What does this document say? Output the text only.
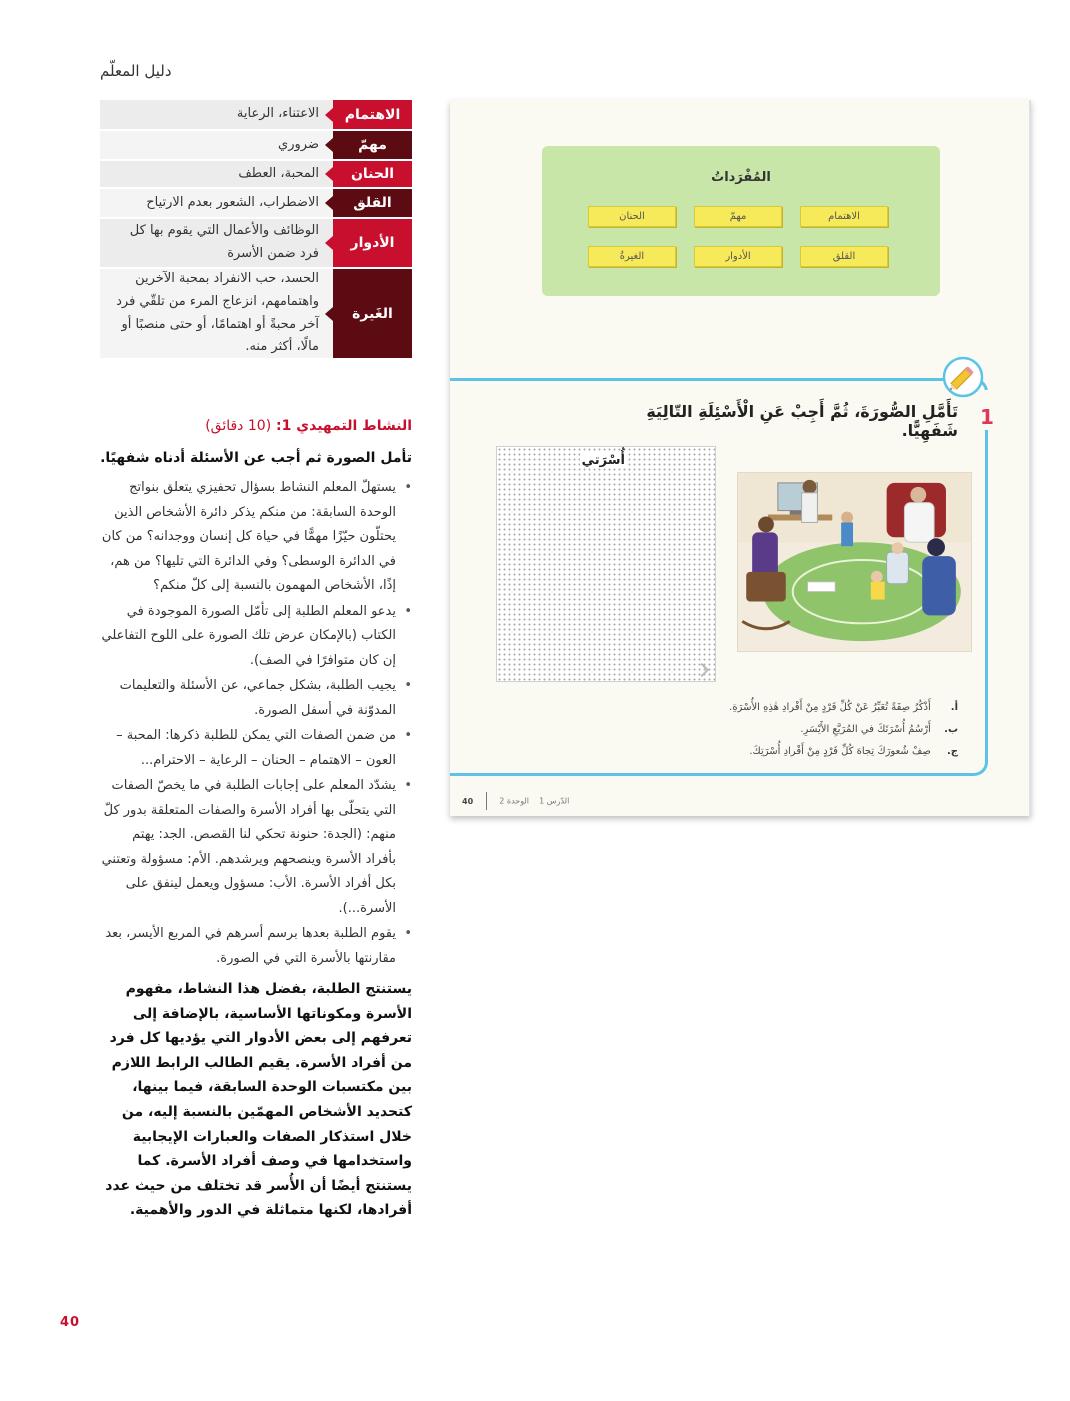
دليل المعلّم
الاهتمام
الاعتناء، الرعاية
مهمّ
ضروري
الحنان
المحبة، العطف
القلق
الاضطراب، الشعور بعدم الارتياح
الأدوار
الوظائف والأعمال التي يقوم بها كل فرد ضمن الأسرة
الغَيرة
الحسد، حب الانفراد بمحبة الآخرين واهتمامهم، انزعاج المرء من تلقّي فرد آخر محبةً أو اهتمامًا، أو حتى منصبًا أو مالًا، أكثر منه.
النشاط التمهيدي 1: (10 دقائق)
تأمل الصورة ثم أجب عن الأسئلة أدناه شفهيًا.
• يستهلّ المعلم النشاط بسؤال تحفيزي يتعلق بنواتج الوحدة السابقة: من منكم يذكر دائرة الأشخاص الذين يحتلّون حيّزًا مهمًّا في حياة كل إنسان ووجدانه؟ من كان في الدائرة الوسطى؟ وفي الدائرة التي تليها؟ من هم، إذًا، الأشخاص المهمون بالنسبة إلى كلّ منكم؟
• يدعو المعلم الطلبة إلى تأمّل الصورة الموجودة في الكتاب (بالإمكان عرض تلك الصورة على اللوح التفاعلي إن كان متوافرًا في الصف).
• يجيب الطلبة، بشكل جماعي، عن الأسئلة والتعليمات المدوّنة في أسفل الصورة.
• من ضمن الصفات التي يمكن للطلبة ذكرها: المحبة – العون – الاهتمام – الحنان – الرعاية – الاحترام...
• يشدّد المعلم على إجابات الطلبة في ما يخصّ الصفات التي يتحلّى بها أفراد الأسرة والصفات المتعلقة بدور كلّ منهم: (الجدة: حنونة تحكي لنا القصص. الجد: يهتم بأفراد الأسرة وينصحهم ويرشدهم. الأم: مسؤولة وتعتني بكل أفراد الأسرة. الأب: مسؤول ويعمل لينفق على الأسرة...).
• يقوم الطلبة بعدها برسم أسرهم في المربع الأيسر، بعد مقارنتها بالأسرة التي في الصورة.
يستنتج الطلبة، بفضل هذا النشاط، مفهوم الأسرة ومكوناتها الأساسية، بالإضافة إلى تعرفهم إلى بعض الأدوار التي يؤديها كل فرد من أفراد الأسرة. يقيم الطالب الرابط اللازم بين مكتسبات الوحدة السابقة، فيما بينها، كتحديد الأشخاص المهمّين بالنسبة إليه، من خلال استذكار الصفات والعبارات الإيجابية واستخدامها في وصف أفراد الأسرة. كما يستنتج أيضًا أن الأُسر قد تختلف من حيث عدد أفرادها، لكنها متماثلة في الدور والأهمية.
40
المُفْرَداتُ
الاهتمام
مهمّ
الحنان
القلق
الأدوار
الغيرةُ
1
تَأَمَّلِ الصُّورَةَ، ثُمَّ أَجِبْ عَنِ الْأَسْئِلَةِ التّالِيَةِ شَفَهِيًّا.
أُسْرَتي
أ. أَذْكُرُ صِفَةً تُعَبِّرُ عَنْ كُلِّ فَرْدٍ مِنْ أَفْرادِ هٰذِهِ الأُسْرَةِ.
ب. أَرْسُمُ أُسْرَتَكَ في المُرَبَّعِ الأَيْسَرِ.
ج. صِفْ شُعورَكَ تِجاهَ كُلِّ فَرْدٍ مِنْ أَفْرادِ أُسْرَتِكَ.
40	الدّرس 1    الوحدة 2
